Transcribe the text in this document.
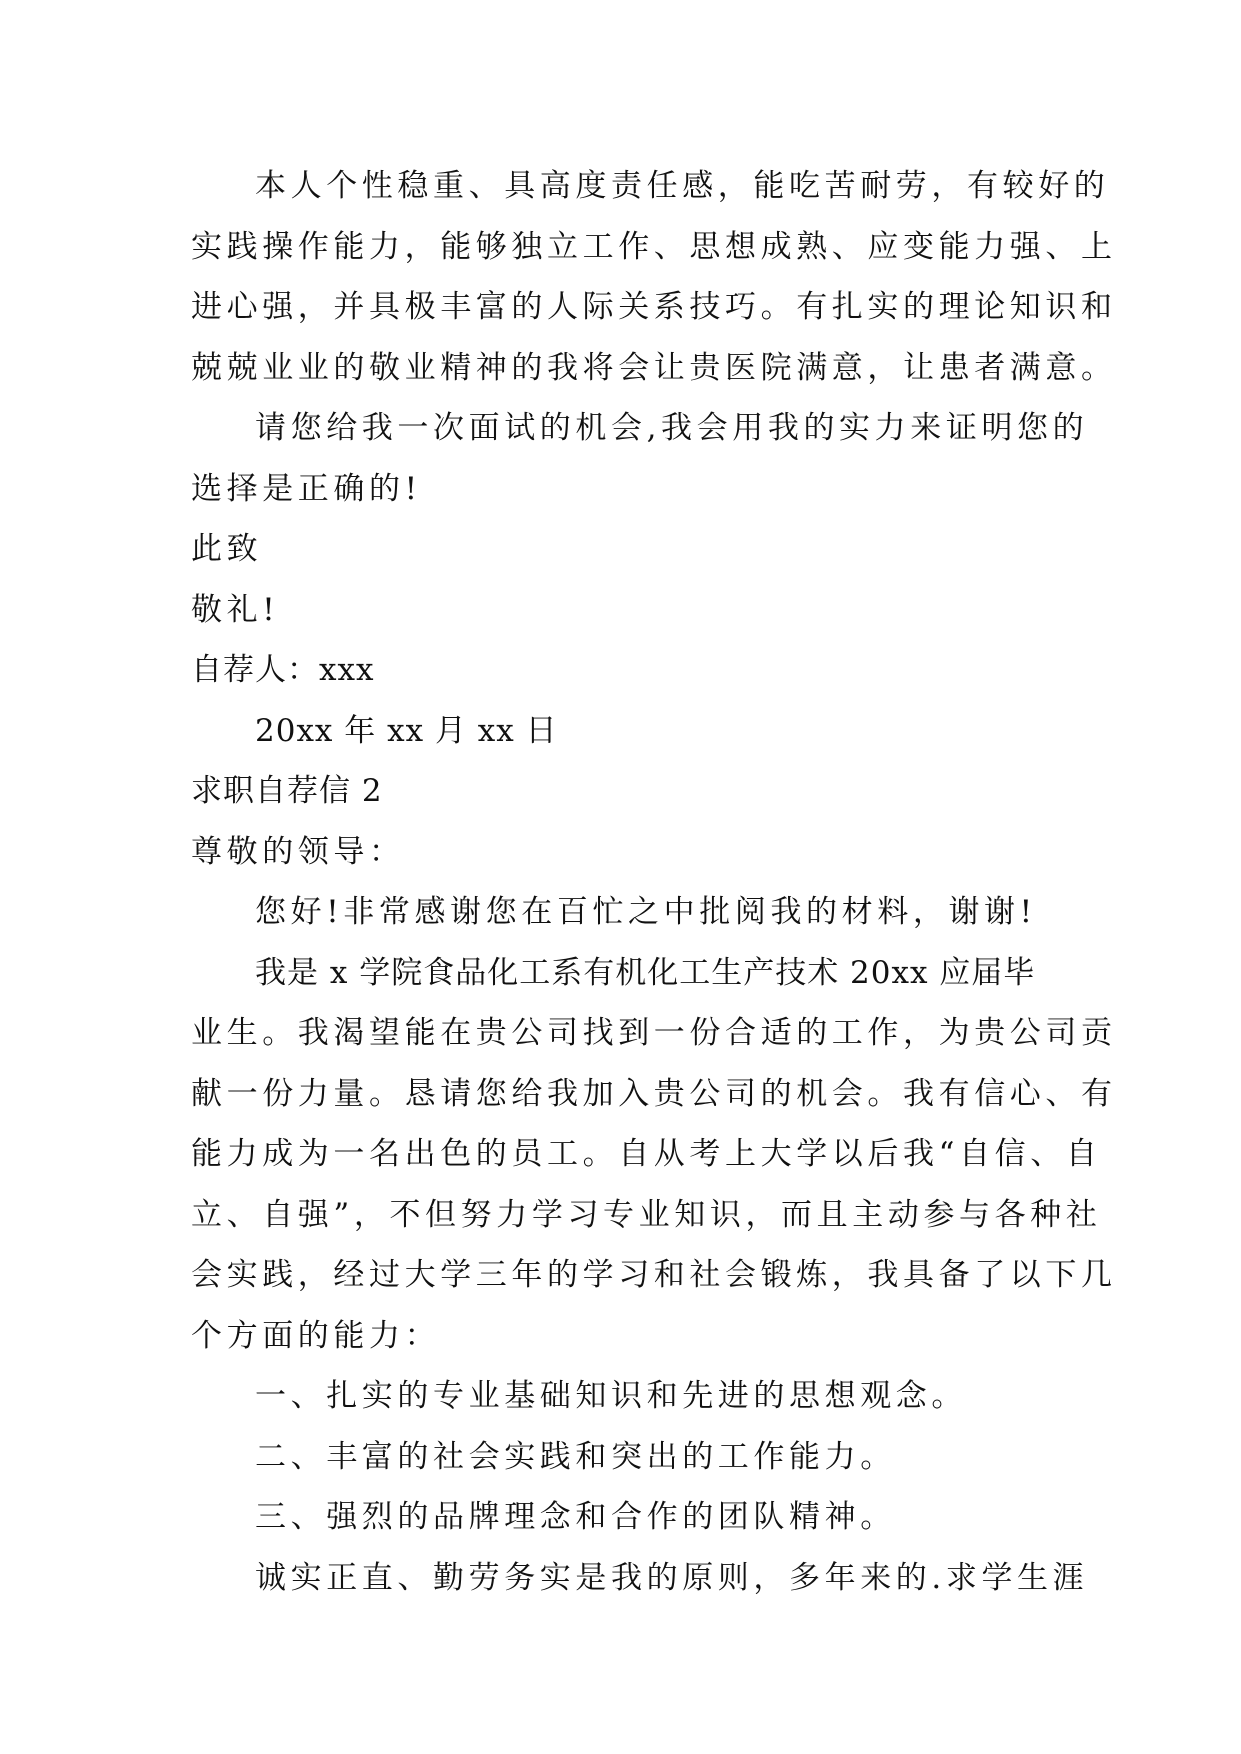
本人个性稳重、具高度责任感，能吃苦耐劳，有较好的
实践操作能力，能够独立工作、思想成熟、应变能力强、上
进心强，并具极丰富的人际关系技巧。有扎实的理论知识和
兢兢业业的敬业精神的我将会让贵医院满意，让患者满意。
请您给我一次面试的机会,我会用我的实力来证明您的
选择是正确的!
此致
敬礼!
自荐人：xxx
20xx 年 xx 月 xx 日
求职自荐信 2
尊敬的领导：
您好!非常感谢您在百忙之中批阅我的材料，谢谢!
我是 x 学院食品化工系有机化工生产技术 20xx 应届毕
业生。我渴望能在贵公司找到一份合适的工作，为贵公司贡
献一份力量。恳请您给我加入贵公司的机会。我有信心、有
能力成为一名出色的员工。自从考上大学以后我“自信、自
立、自强”，不但努力学习专业知识，而且主动参与各种社
会实践，经过大学三年的学习和社会锻炼，我具备了以下几
个方面的能力：
一、扎实的专业基础知识和先进的思想观念。
二、丰富的社会实践和突出的工作能力。
三、强烈的品牌理念和合作的团队精神。
诚实正直、勤劳务实是我的原则，多年来的.求学生涯
